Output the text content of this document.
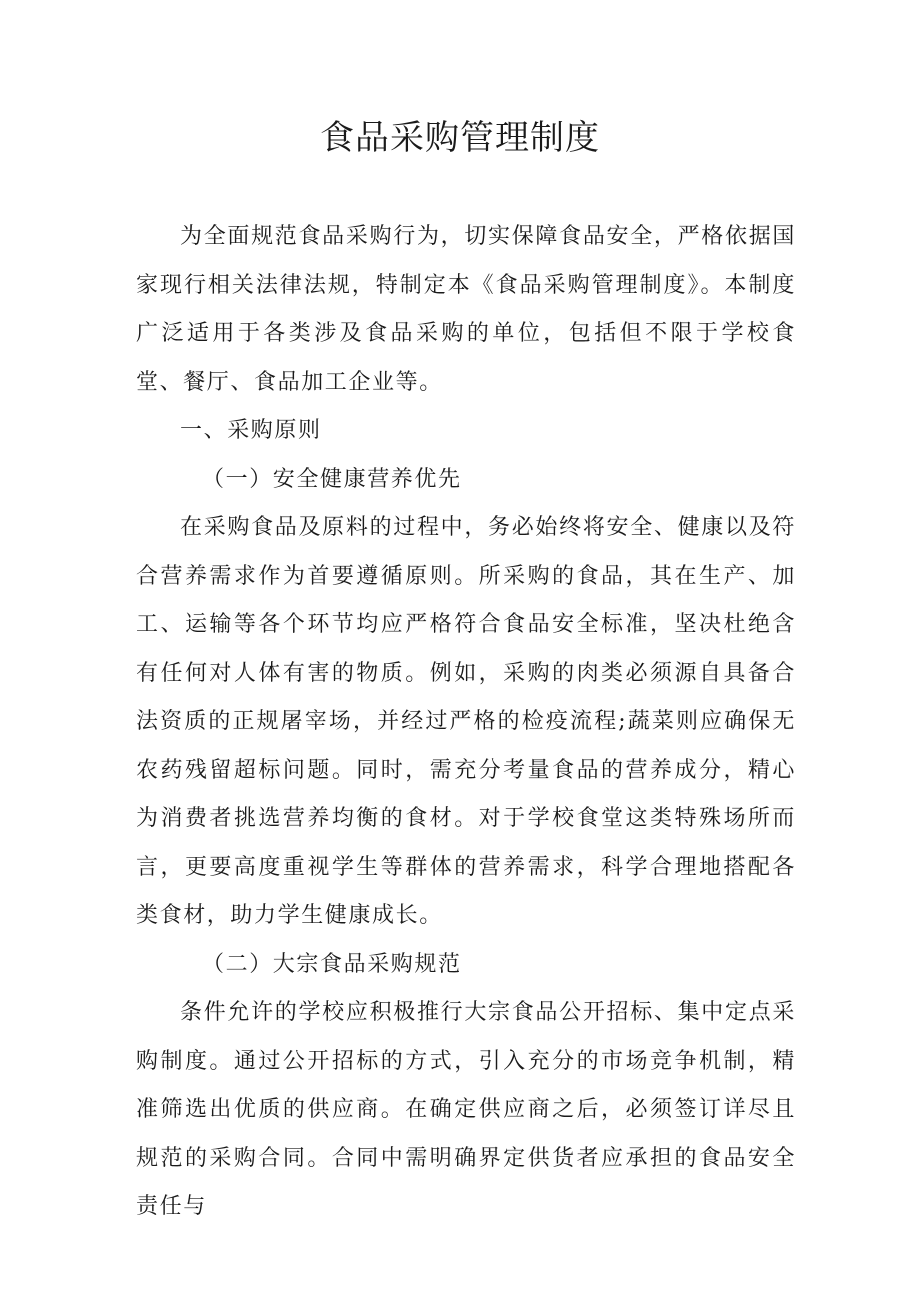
食品采购管理制度

为全面规范食品采购行为，切实保障食品安全，严格依据国家现行相关法律法规，特制定本《食品采购管理制度》。本制度广泛适用于各类涉及食品采购的单位，包括但不限于学校食堂、餐厅、食品加工企业等。

一、采购原则

（一）安全健康营养优先

在采购食品及原料的过程中，务必始终将安全、健康以及符合营养需求作为首要遵循原则。所采购的食品，其在生产、加工、运输等各个环节均应严格符合食品安全标准，坚决杜绝含有任何对人体有害的物质。例如，采购的肉类必须源自具备合法资质的正规屠宰场，并经过严格的检疫流程;蔬菜则应确保无农药残留超标问题。同时，需充分考量食品的营养成分，精心为消费者挑选营养均衡的食材。对于学校食堂这类特殊场所而言，更要高度重视学生等群体的营养需求，科学合理地搭配各类食材，助力学生健康成长。

（二）大宗食品采购规范

条件允许的学校应积极推行大宗食品公开招标、集中定点采购制度。通过公开招标的方式，引入充分的市场竞争机制，精准筛选出优质的供应商。在确定供应商之后，必须签订详尽且规范的采购合同。合同中需明确界定供货者应承担的食品安全责任与
